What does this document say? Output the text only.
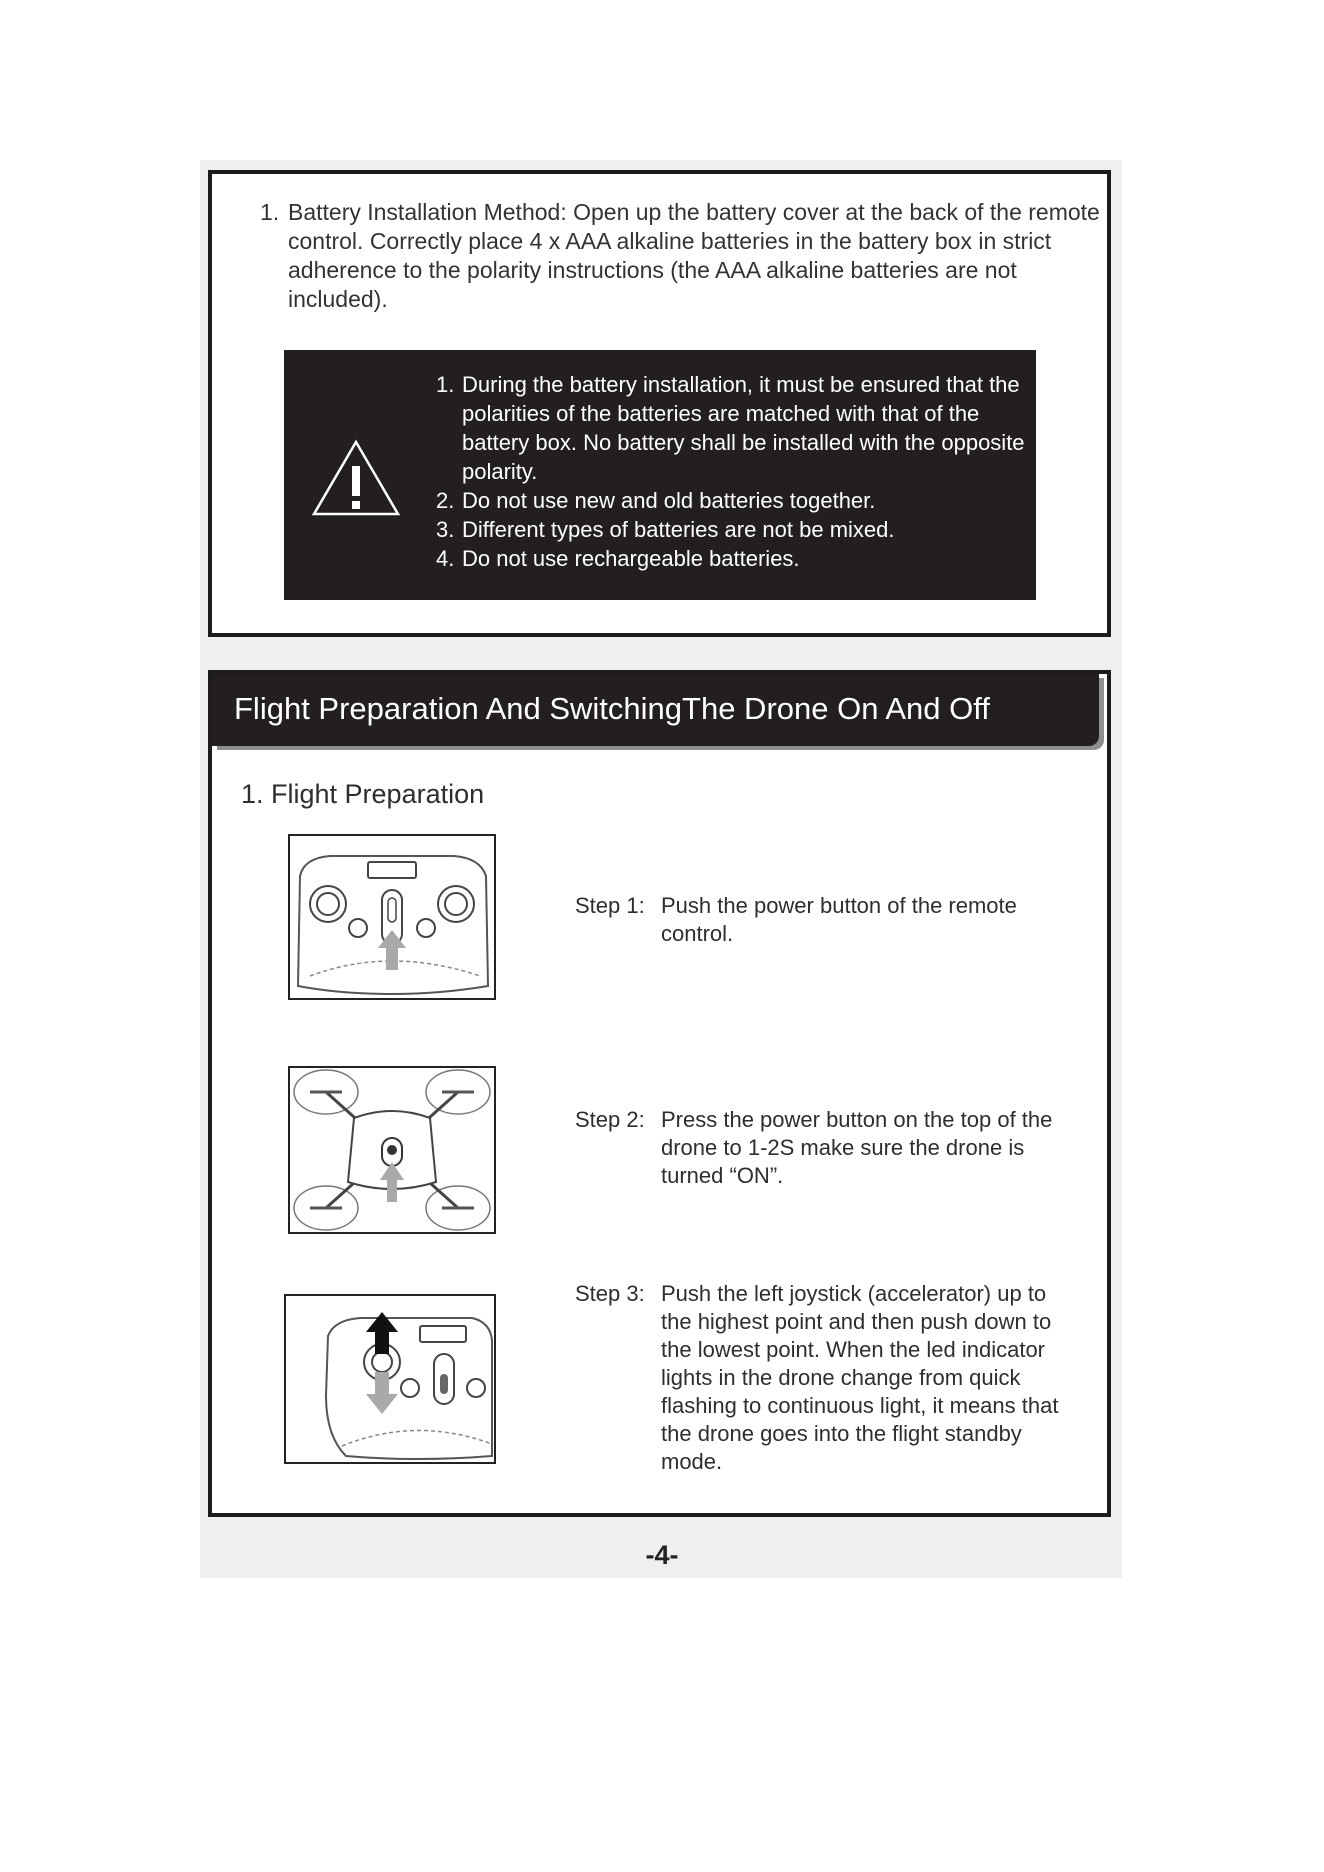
1. Battery Installation Method: Open up the battery cover at the back of the remote control. Correctly place 4 x AAA alkaline batteries in the battery box in strict adherence to the polarity instructions (the AAA alkaline batteries are not included).

1. During the battery installation, it must be ensured that the polarities of the batteries are matched with that of the battery box. No battery shall be installed with the opposite polarity.
2. Do not use new and old batteries together.
3. Different types of batteries are not be mixed.
4. Do not use rechargeable batteries.
Flight Preparation And SwitchingThe Drone On And Off
1. Flight Preparation
Step 1: Push the power button of the remote control.
Step 2: Press the power button on the top of the drone to 1-2S make sure the drone is turned “ON”.
Step 3: Push the left joystick (accelerator) up to the highest point and then push down to the lowest point. When the led indicator lights in the drone change from quick flashing to continuous light, it means that the drone goes into the flight standby mode.
-4-
